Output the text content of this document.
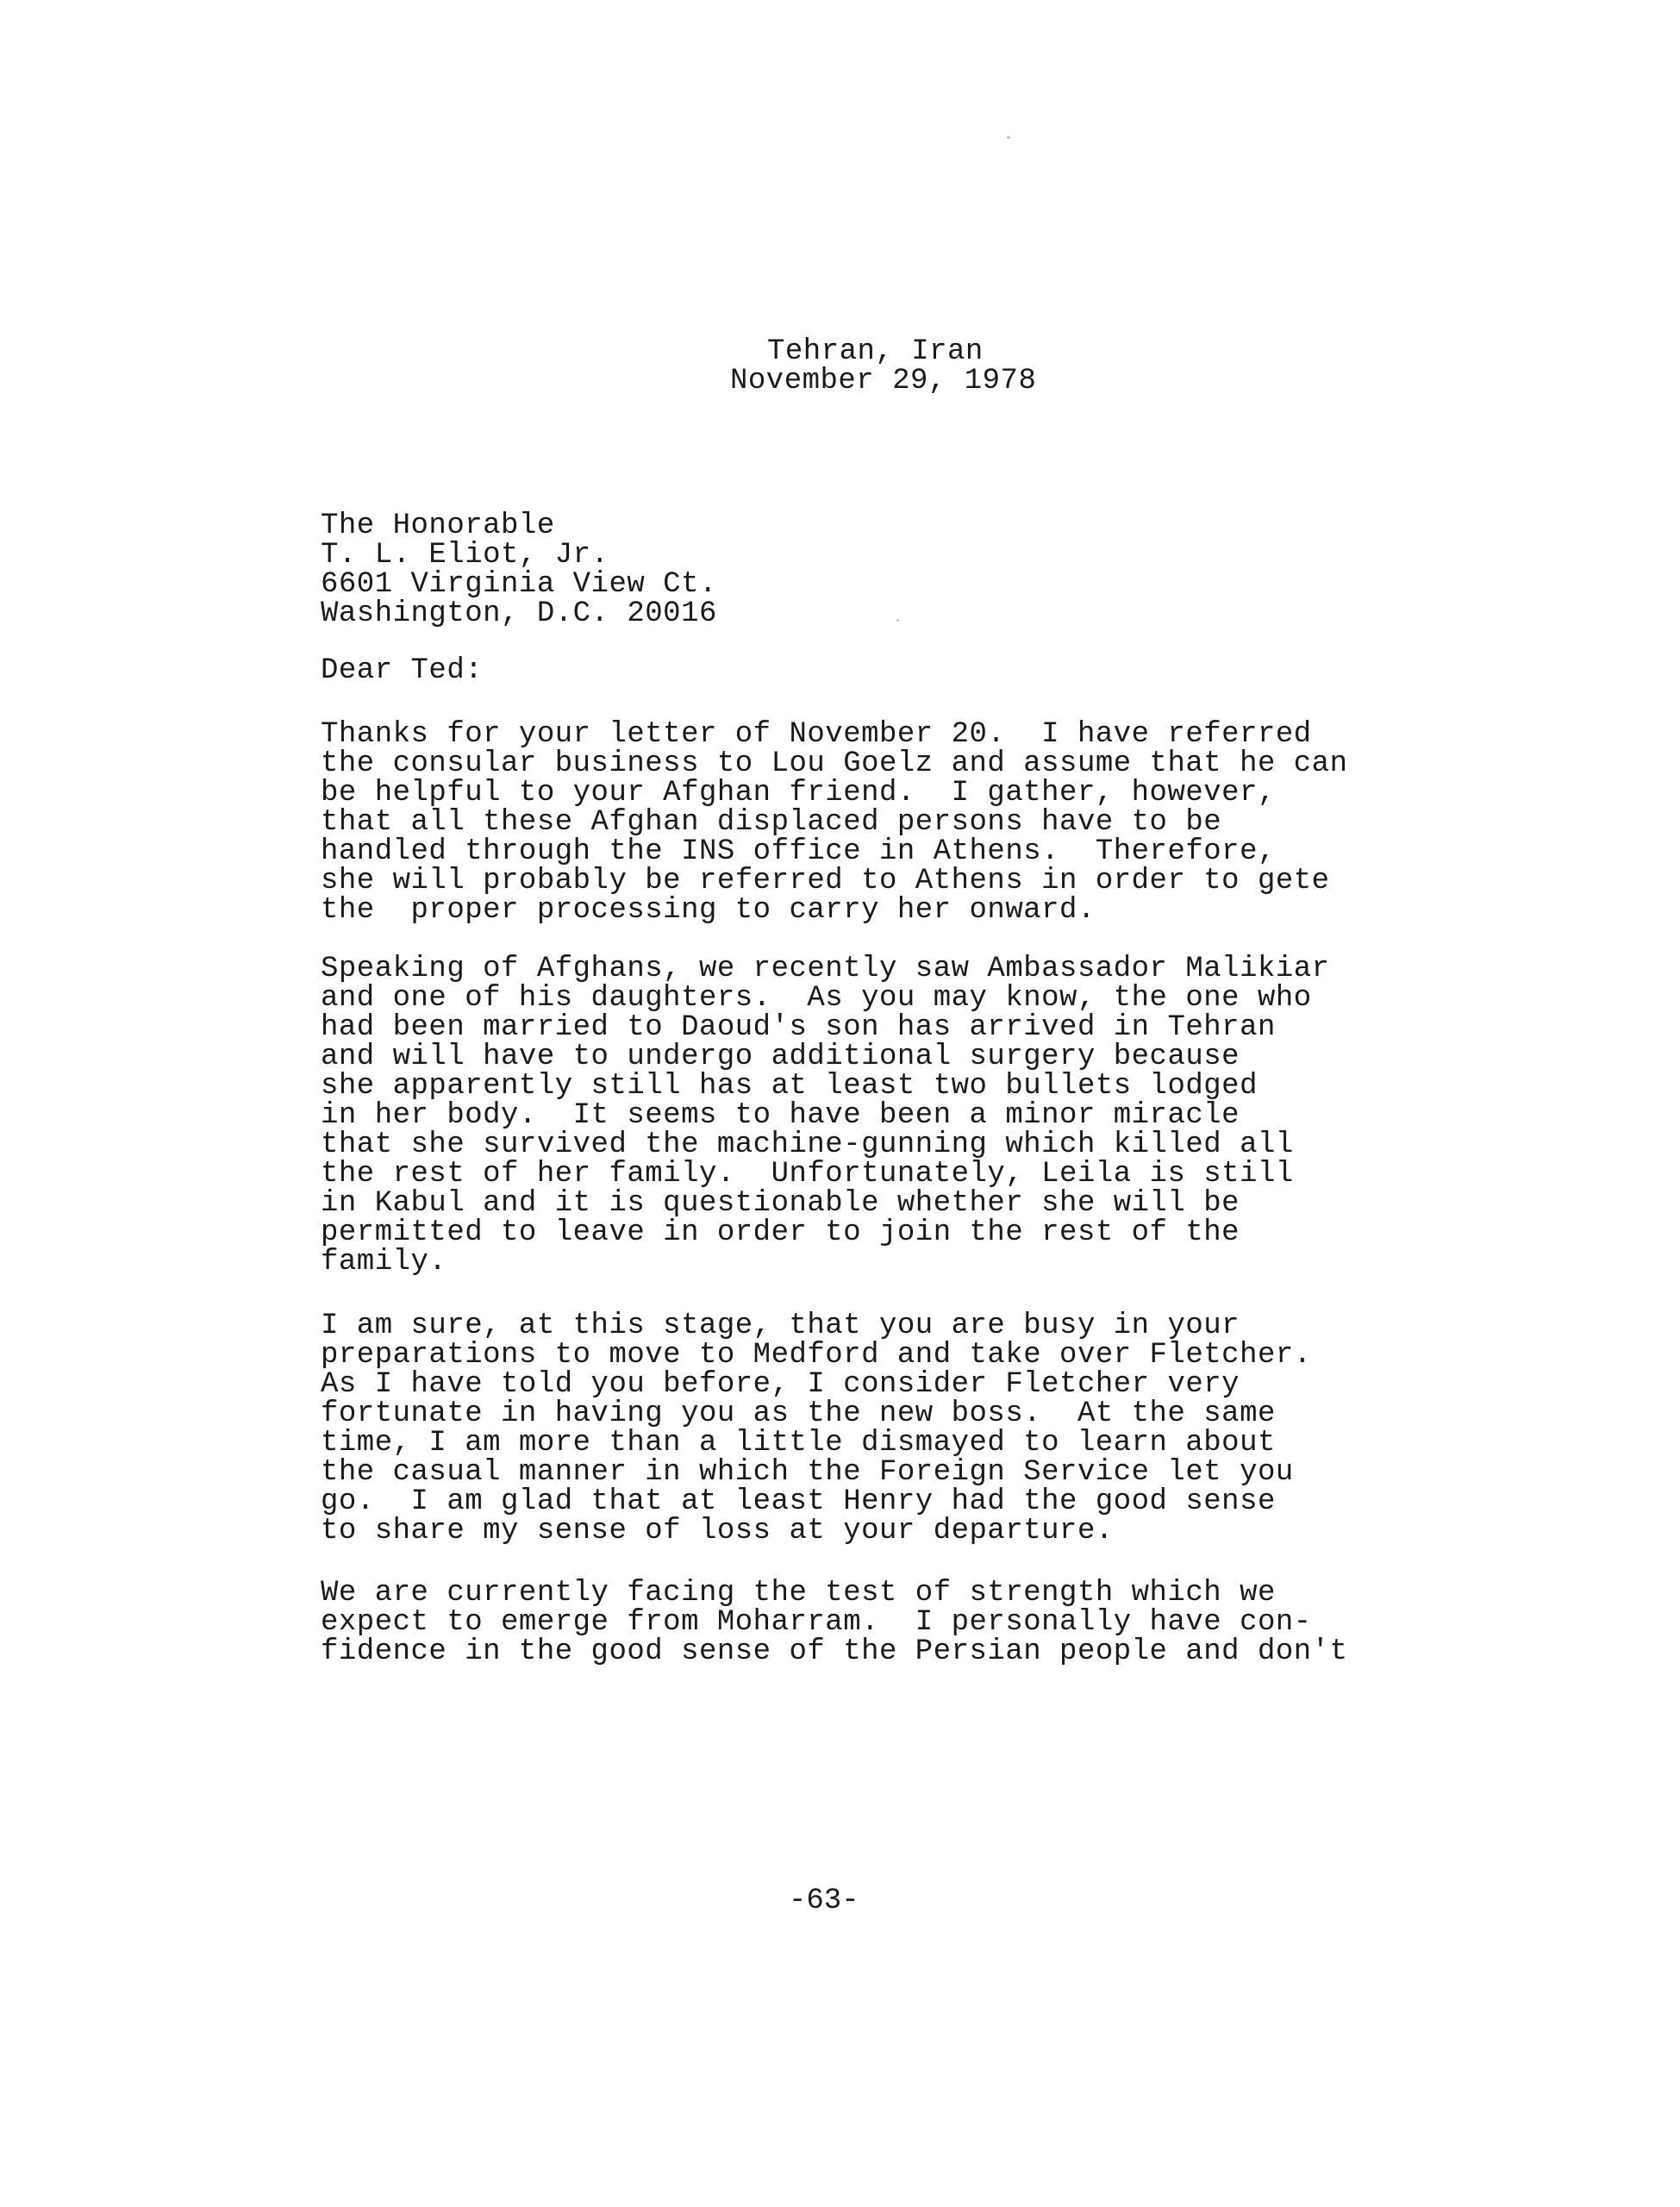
Tehran, Iran
November 29, 1978
The Honorable
T. L. Eliot, Jr.
6601 Virginia View Ct.
Washington, D.C. 20016
Dear Ted:
Thanks for your letter of November 20.  I have referred
the consular business to Lou Goelz and assume that he can
be helpful to your Afghan friend.  I gather, however,
that all these Afghan displaced persons have to be
handled through the INS office in Athens.  Therefore,
she will probably be referred to Athens in order to gete
the  proper processing to carry her onward.
Speaking of Afghans, we recently saw Ambassador Malikiar
and one of his daughters.  As you may know, the one who
had been married to Daoud's son has arrived in Tehran
and will have to undergo additional surgery because
she apparently still has at least two bullets lodged
in her body.  It seems to have been a minor miracle
that she survived the machine-gunning which killed all
the rest of her family.  Unfortunately, Leila is still
in Kabul and it is questionable whether she will be
permitted to leave in order to join the rest of the
family.
I am sure, at this stage, that you are busy in your
preparations to move to Medford and take over Fletcher.
As I have told you before, I consider Fletcher very
fortunate in having you as the new boss.  At the same
time, I am more than a little dismayed to learn about
the casual manner in which the Foreign Service let you
go.  I am glad that at least Henry had the good sense
to share my sense of loss at your departure.
We are currently facing the test of strength which we
expect to emerge from Moharram.  I personally have con-
fidence in the good sense of the Persian people and don't
-63-
